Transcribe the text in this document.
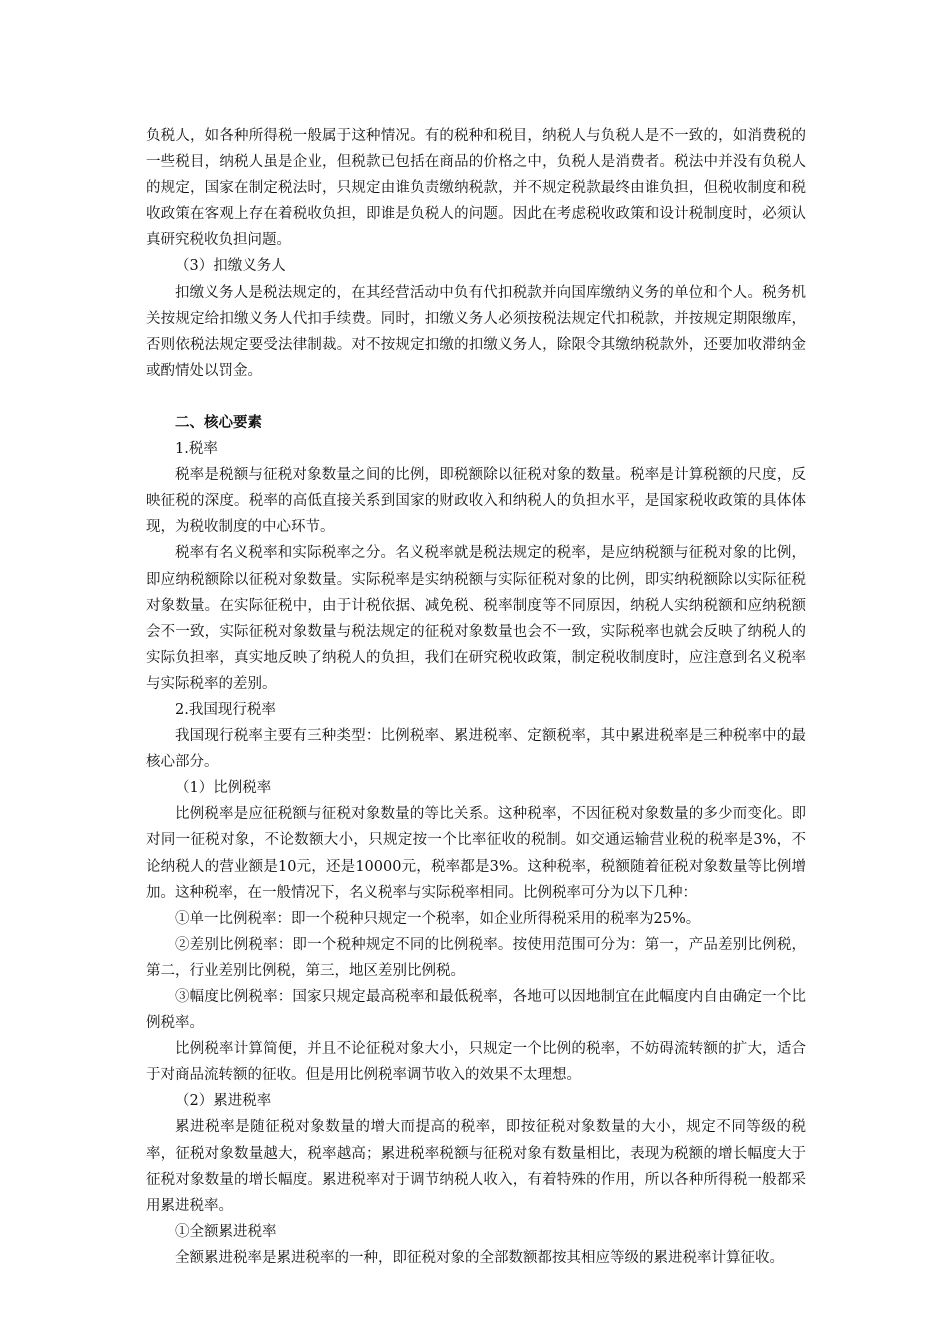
负税人，如各种所得税一般属于这种情况。有的税种和税目，纳税人与负税人是不一致的，如消费税的一些税目，纳税人虽是企业，但税款已包括在商品的价格之中，负税人是消费者。税法中并没有负税人的规定，国家在制定税法时，只规定由谁负责缴纳税款，并不规定税款最终由谁负担，但税收制度和税收政策在客观上存在着税收负担，即谁是负税人的问题。因此在考虑税收政策和设计税制度时，必须认真研究税收负担问题。

（3）扣缴义务人

扣缴义务人是税法规定的，在其经营活动中负有代扣税款并向国库缴纳义务的单位和个人。税务机关按规定给扣缴义务人代扣手续费。同时，扣缴义务人必须按税法规定代扣税款，并按规定期限缴库，否则依税法规定要受法律制裁。对不按规定扣缴的扣缴义务人，除限令其缴纳税款外，还要加收滞纳金或酌情处以罚金。

二、核心要素

1.税率

税率是税额与征税对象数量之间的比例，即税额除以征税对象的数量。税率是计算税额的尺度，反映征税的深度。税率的高低直接关系到国家的财政收入和纳税人的负担水平，是国家税收政策的具体体现，为税收制度的中心环节。

税率有名义税率和实际税率之分。名义税率就是税法规定的税率，是应纳税额与征税对象的比例，即应纳税额除以征税对象数量。实际税率是实纳税额与实际征税对象的比例，即实纳税额除以实际征税对象数量。在实际征税中，由于计税依据、减免税、税率制度等不同原因，纳税人实纳税额和应纳税额会不一致，实际征税对象数量与税法规定的征税对象数量也会不一致，实际税率也就会反映了纳税人的实际负担率，真实地反映了纳税人的负担，我们在研究税收政策，制定税收制度时，应注意到名义税率与实际税率的差别。

2.我国现行税率

我国现行税率主要有三种类型：比例税率、累进税率、定额税率，其中累进税率是三种税率中的最核心部分。

（1）比例税率

比例税率是应征税额与征税对象数量的等比关系。这种税率，不因征税对象数量的多少而变化。即对同一征税对象，不论数额大小，只规定按一个比率征收的税制。如交通运输营业税的税率是3%，不论纳税人的营业额是10元，还是10000元，税率都是3%。这种税率，税额随着征税对象数量等比例增加。这种税率，在一般情况下，名义税率与实际税率相同。比例税率可分为以下几种：

①单一比例税率：即一个税种只规定一个税率，如企业所得税采用的税率为25%。

②差别比例税率：即一个税种规定不同的比例税率。按使用范围可分为：第一，产品差别比例税，第二，行业差别比例税，第三，地区差别比例税。

③幅度比例税率：国家只规定最高税率和最低税率，各地可以因地制宜在此幅度内自由确定一个比例税率。

比例税率计算简便，并且不论征税对象大小，只规定一个比例的税率，不妨碍流转额的扩大，适合于对商品流转额的征收。但是用比例税率调节收入的效果不太理想。

（2）累进税率

累进税率是随征税对象数量的增大而提高的税率，即按征税对象数量的大小，规定不同等级的税率，征税对象数量越大，税率越高；累进税率税额与征税对象有数量相比，表现为税额的增长幅度大于征税对象数量的增长幅度。累进税率对于调节纳税人收入，有着特殊的作用，所以各种所得税一般都采用累进税率。

①全额累进税率

全额累进税率是累进税率的一种，即征税对象的全部数额都按其相应等级的累进税率计算征收。
